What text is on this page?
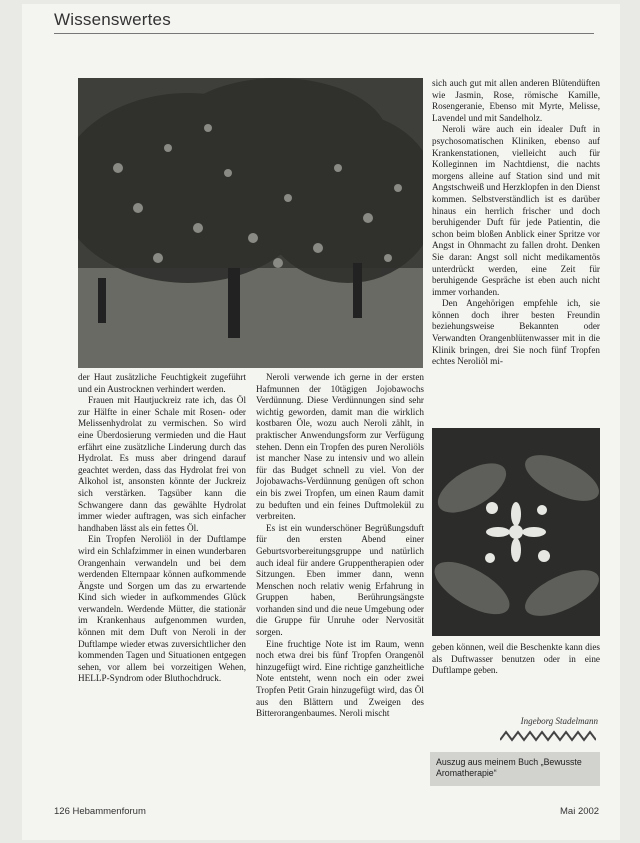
Wissenswertes

der Haut zusätzliche Feuchtigkeit zugeführt und ein Austrocknen verhindert werden.

Frauen mit Hautjuckreiz rate ich, das Öl zur Hälfte in einer Schale mit Rosen- oder Melissenhydrolat zu vermischen. So wird eine Überdosierung vermieden und die Haut erfährt eine zusätzliche Linderung durch das Hydrolat. Es muss aber dringend darauf geachtet werden, dass das Hydrolat frei von Alkohol ist, ansonsten könnte der Juckreiz sich verstärken. Tagsüber kann die Schwangere dann das gewählte Hydrolat immer wieder auftragen, was sich einfacher handhaben lässt als ein fettes Öl.

Ein Tropfen Neroliöl in der Duftlampe wird ein Schlafzimmer in einen wunderbaren Orangenhain verwandeln und bei dem werdenden Elternpaar können aufkommende Ängste und Sorgen um das zu erwartende Kind sich wieder in aufkommendes Glück verwandeln. Werdende Mütter, die stationär im Krankenhaus aufgenommen wurden, können mit dem Duft von Neroli in der Duftlampe wieder etwas zuversichtlicher den kommenden Tagen und Situationen entgegen sehen, vor allem bei vorzeitigen Wehen, HELLP-Syndrom oder Bluthochdruck.

Neroli verwende ich gerne in der ersten Hafmunnen der 10tägigen Jojobawochs Verdünnung. Diese Verdünnungen sind sehr wichtig geworden, damit man die wirklich kostbaren Öle, wozu auch Neroli zählt, in praktischer Anwendungsform zur Verfügung stehen. Denn ein Tropfen des puren Neroliöls ist mancher Nase zu intensiv und wo allein für das Budget schnell zu viel. Von der Jojobawachs-Verdünnung genügen oft schon ein bis zwei Tropfen, um einen Raum damit zu beduften und ein feines Duftmolekül zu verbreiten.

Es ist ein wunderschöner Begrüßungsduft für den ersten Abend einer Geburtsvorbereitungsgruppe und natürlich auch ideal für andere Gruppentherapien oder Sitzungen. Eben immer dann, wenn Menschen noch relativ wenig Erfahrung in Gruppen haben, Berührungsängste vorhanden sind und die neue Umgebung oder die Gruppe für Unruhe oder Nervosität sorgen.

Eine fruchtige Note ist im Raum, wenn noch etwa drei bis fünf Tropfen Orangenöl hinzugefügt wird. Eine richtige ganzheitliche Note entsteht, wenn noch ein oder zwei Tropfen Petit Grain hinzugefügt wird, das Öl aus den Blättern und Zweigen des Bitterorangenbaumes. Neroli mischt

sich auch gut mit allen anderen Blütendüften wie Jasmin, Rose, römische Kamille, Rosengeranie, Ebenso mit Myrte, Melisse, Lavendel und mit Sandelholz.

Neroli wäre auch ein idealer Duft in psychosomatischen Kliniken, ebenso auf Krankenstationen, vielleicht auch für Kolleginnen im Nachtdienst, die nachts morgens alleine auf Station sind und mit Angstschweiß und Herzklopfen in den Dienst kommen. Selbstverständlich ist es darüber hinaus ein herrlich frischer und doch beruhigender Duft für jede Patientin, die schon beim bloßen Anblick einer Spritze vor Angst in Ohnmacht zu fallen droht. Denken Sie daran: Angst soll nicht medikamentös unterdrückt werden, eine Zeit für beruhigende Gespräche ist eben auch nicht immer vorhanden.

Den Angehörigen empfehle ich, sie können doch ihrer besten Freundin beziehungsweise Bekannten oder Verwandten Orangenblütenwasser mit in die Klinik bringen, drei Sie noch fünf Tropfen echtes Neroliöl mi-

geben können, weil die Beschenkte kann dies als Duftwasser benutzen oder in eine Duftlampe geben.

Ingeborg Stadelmann
Auszug aus meinem Buch „Bewusste Aromatherapie“
126 Hebammenforum	Mai 2002
